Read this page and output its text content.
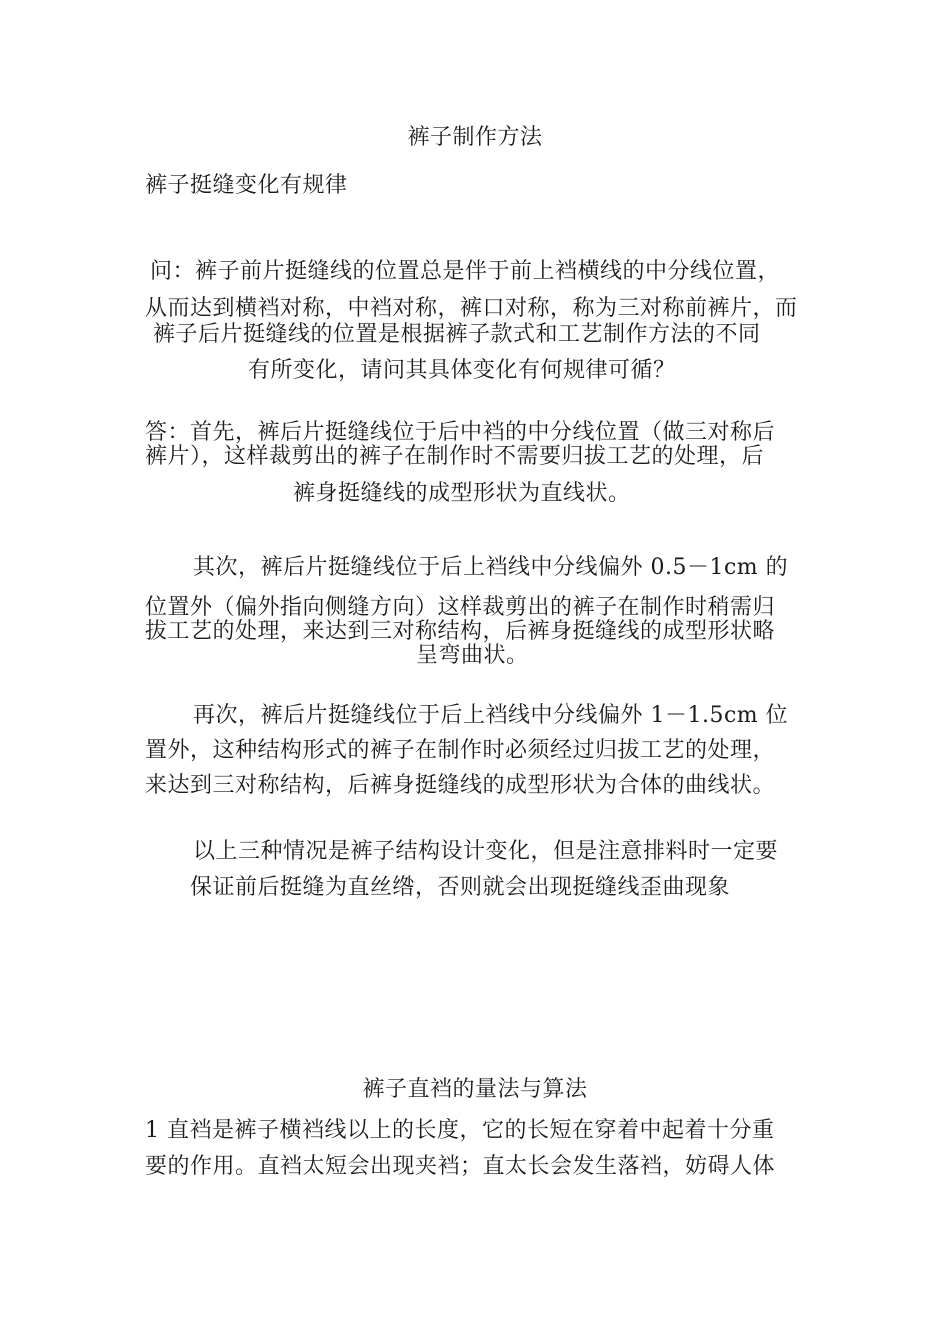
裤子制作方法
裤子挺缝变化有规律
问：裤子前片挺缝线的位置总是伴于前上裆横线的中分线位置，
从而达到横裆对称，中裆对称，裤口对称，称为三对称前裤片，而
裤子后片挺缝线的位置是根据裤子款式和工艺制作方法的不同
有所变化，请问其具体变化有何规律可循？
答：首先，裤后片挺缝线位于后中裆的中分线位置（做三对称后
裤片），这样裁剪出的裤子在制作时不需要归拔工艺的处理，后
裤身挺缝线的成型形状为直线状。
其次，裤后片挺缝线位于后上裆线中分线偏外 0.5－1cm 的
位置外（偏外指向侧缝方向）这样裁剪出的裤子在制作时稍需归
拔工艺的处理，来达到三对称结构，后裤身挺缝线的成型形状略
呈弯曲状。
再次，裤后片挺缝线位于后上裆线中分线偏外 1－1.5cm 位
置外，这种结构形式的裤子在制作时必须经过归拔工艺的处理，
来达到三对称结构，后裤身挺缝线的成型形状为合体的曲线状。
以上三种情况是裤子结构设计变化，但是注意排料时一定要
保证前后挺缝为直丝绺，否则就会出现挺缝线歪曲现象
裤子直裆的量法与算法
1 直裆是裤子横裆线以上的长度，它的长短在穿着中起着十分重
要的作用。直裆太短会出现夹裆；直太长会发生落裆，妨碍人体
